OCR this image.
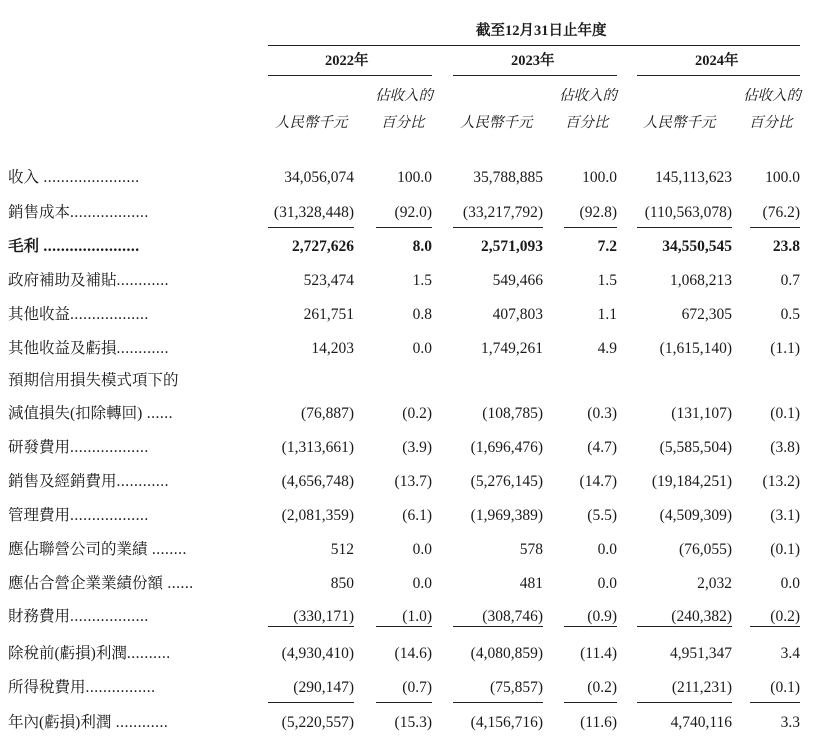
截至12月31日止年度
2022年	2023年	2024年
佔收入的	佔收入的	佔收入的
人民幣千元 百分比 人民幣千元 百分比 人民幣千元 百分比
收入 ......................	34,056,074	100.0	35,788,885	100.0 145,113,623 100.0
銷售成本..................	(31,328,448)	(92.0) (33,217,792) (92.8) (110,563,078) (76.2)
毛利 ......................	2,727,626	8.0	2,571,093	7.2	34,550,545	23.8
政府補助及補貼............	523,474	1.5	549,466	1.5	1,068,213	0.7
其他收益..................	261,751	0.8	407,803	1.1	672,305	0.5
其他收益及虧損............	14,203	0.0	1,749,261	4.9	(1,615,140) (1.1)
預期信用損失模式項下的
減值損失(扣除轉回) ......	(76,887)	(0.2)	(108,785)	(0.3)	(131,107) (0.1)
研發費用..................	(1,313,661)	(3.9) (1,696,476)	(4.7)	(5,585,504) (3.8)
銷售及經銷費用............	(4,656,748)	(13.7) (5,276,145) (14.7) (19,184,251) (13.2)
管理費用..................	(2,081,359)	(6.1) (1,969,389)	(5.5)	(4,509,309) (3.1)
應佔聯營公司的業績 ........	512	0.0	578	0.0	(76,055) (0.1)
應佔合營企業業績份額 ......	850	0.0	481	0.0	2,032	0.0
財務費用..................	(330,171)	(1.0)	(308,746)	(0.9)	(240,382) (0.2)
除稅前(虧損)利潤..........	(4,930,410)	(14.6) (4,080,859) (11.4)	4,951,347	3.4
所得稅費用................	(290,147)	(0.7)	(75,857)	(0.2)	(211,231) (0.1)
年內(虧損)利潤 ............	(5,220,557)	(15.3) (4,156,716) (11.6)	4,740,116	3.3
